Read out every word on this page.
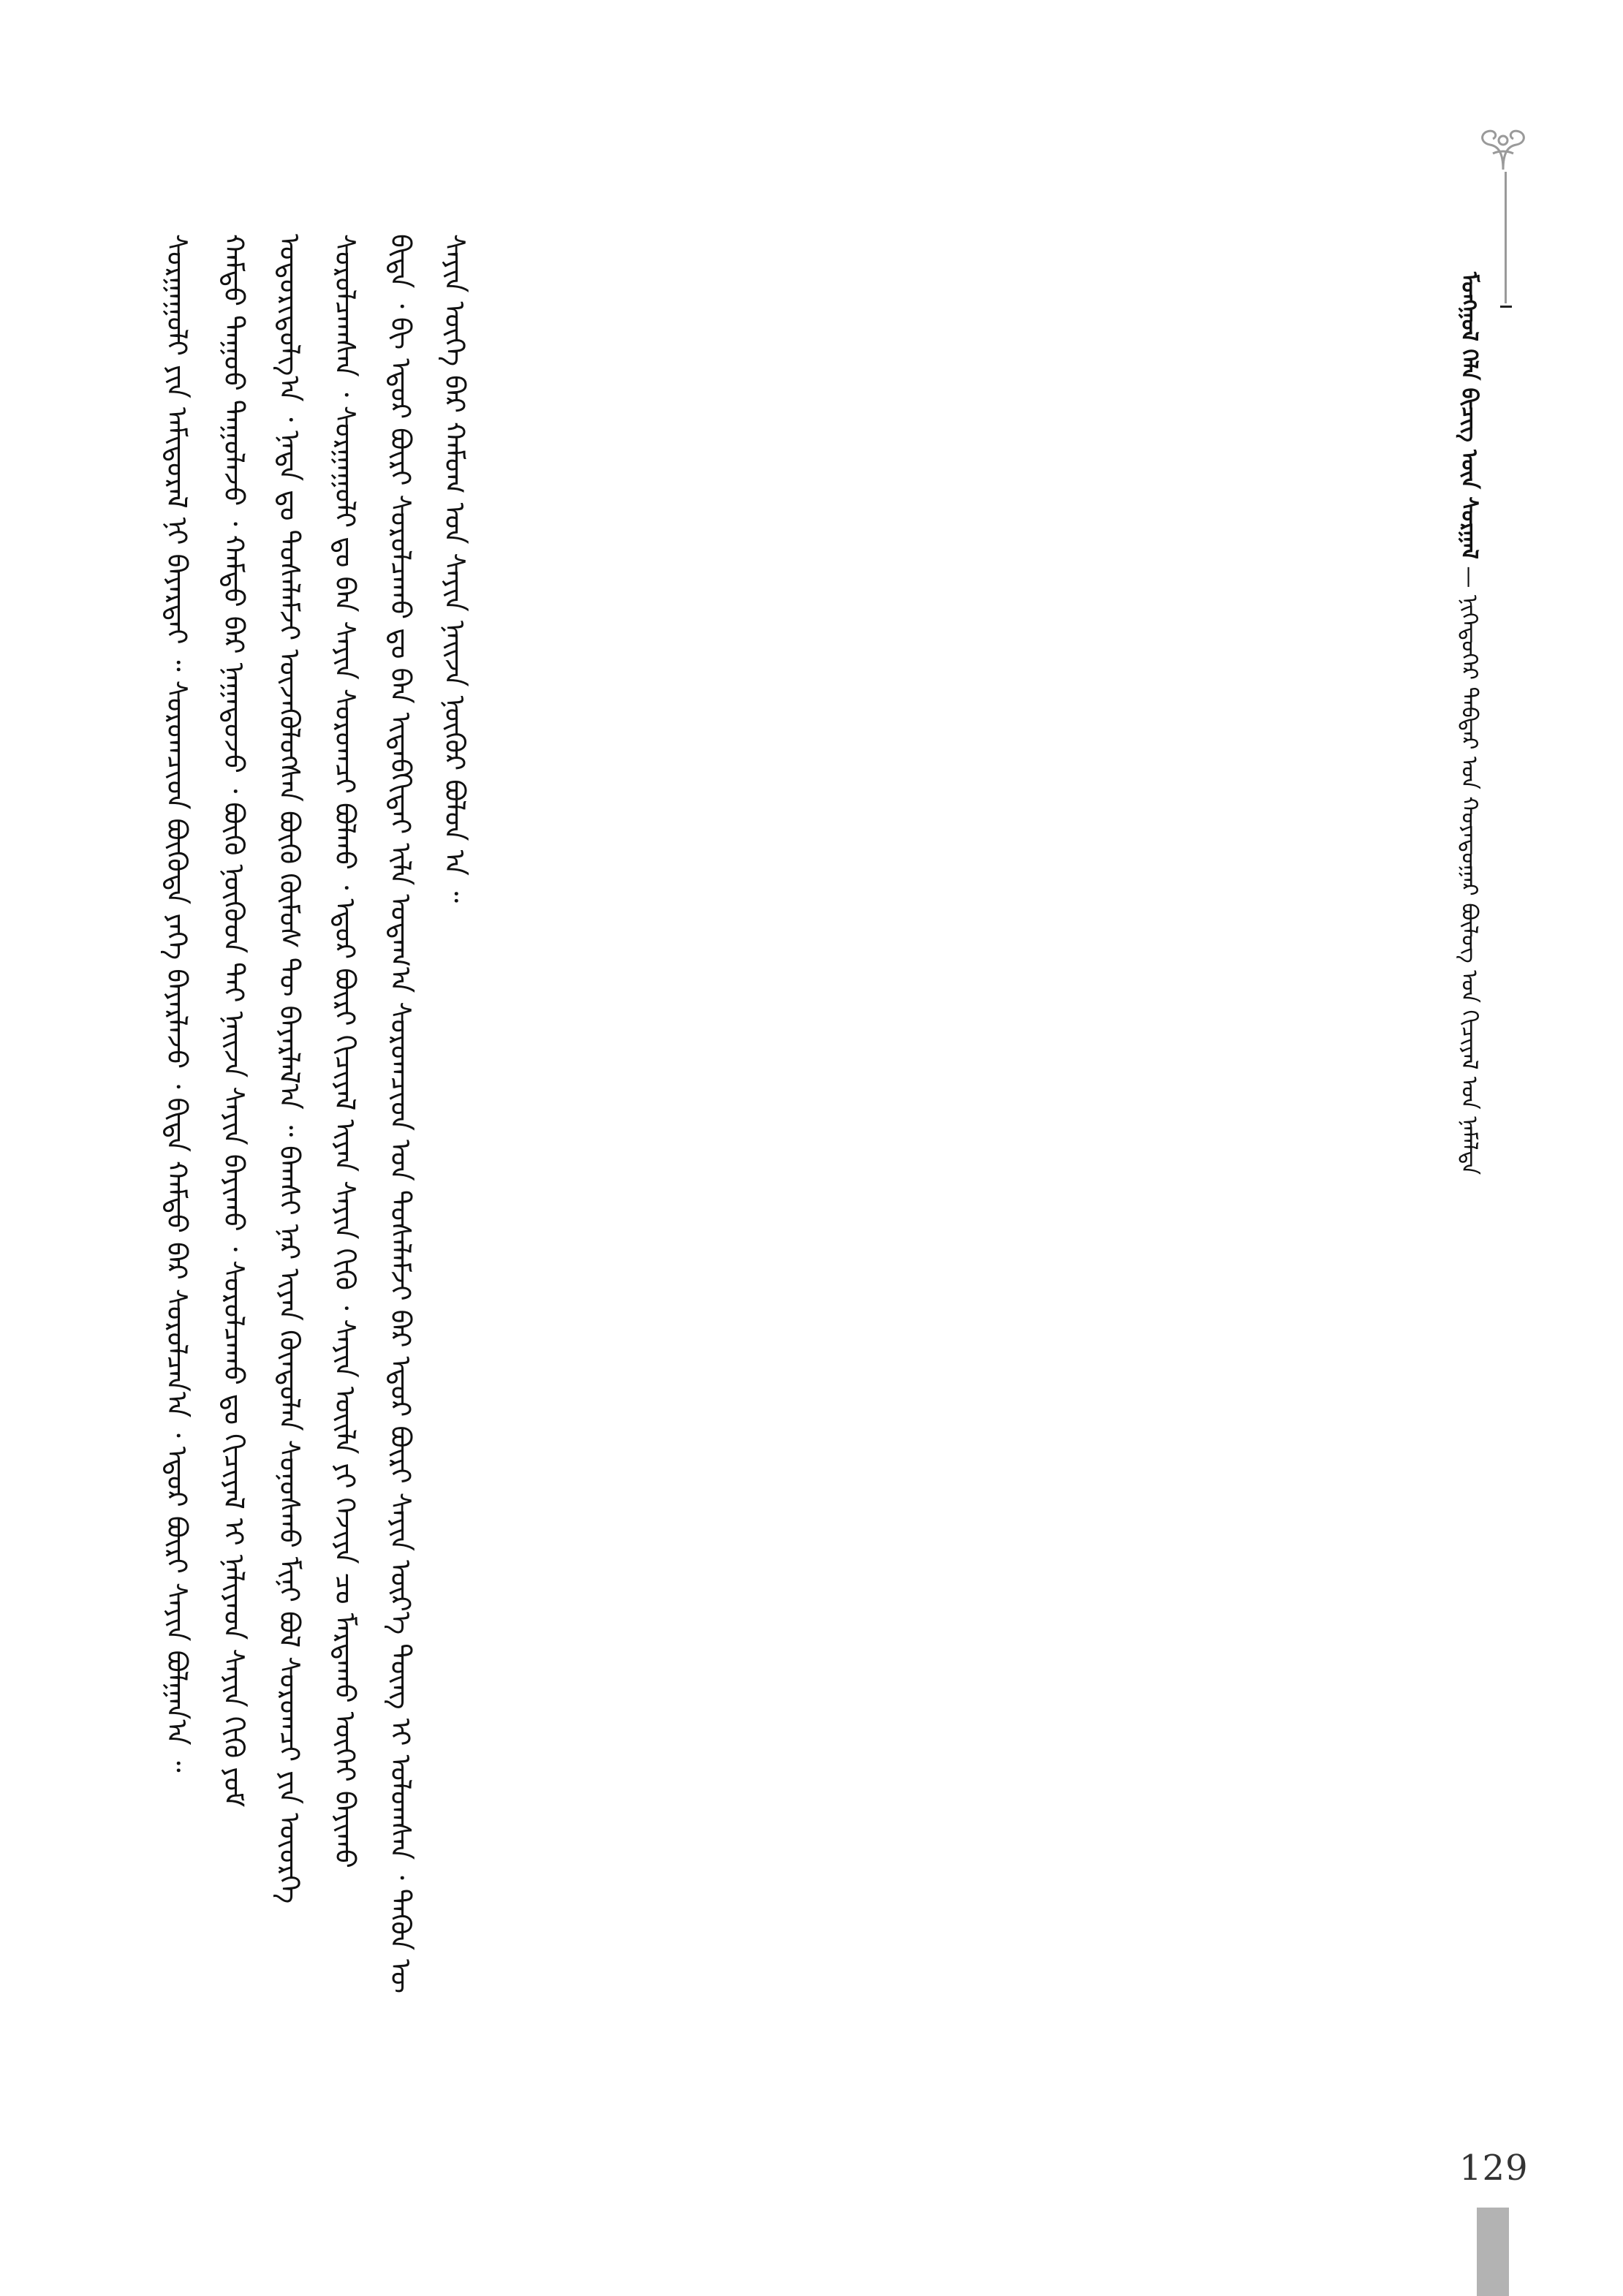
ᠮᠣᠩᠭᠣᠯ ᠬᠡᠯᠡ ᠪᠢᠴᠢᠭ ᠦᠨ ᠰᠤᠷᠭᠠᠯ — ᠨᠢᠭᠡᠳᠦᠭᠡᠷ ᠳᠡᠪᠲᠡᠷ ᠤᠨ ᠬᠣᠶᠠᠳᠤᠭᠠᠷ ᠪᠦᠯᠦᠭ ᠤᠨ ᠬᠢᠴᠢᠶᠡᠯ ᠤᠨ ᠨᠡᠮᠡᠯᠲᠡ
ᠰᠠᠶᠢᠨ ᠦᠭᠡ ᠪᠠᠷ ᠬᠠᠮᠤᠭ ᠤᠨ ᠰᠠᠶᠢᠨ ᠨᠠᠢᠵᠠ ᠨᠥᠬᠦᠷ ᠪᠣᠯᠤᠨ ᠠ ᠃
ᠪᠢᠳᠡ ᠂ ᠪᠢ ᠡᠳᠦᠷ ᠪᠦᠷᠢ ᠰᠤᠷᠤᠯᠴᠠᠬᠤ ᠳᠤ ᠪᠡᠨ ᠢᠳᠡᠪᠬᠢᠲᠡᠶ ᠢᠯᠡ ᠤᠳᠠᠭ᠎ᠠ ᠰᠤᠷᠤᠭᠴᠢᠳ ᠤᠨ ᠲᠤᠰᠠᠯᠠᠮᠵᠢ ᠪᠡᠷ ᠡᠳᠦᠷ ᠪᠦᠷᠢ ᠰᠠᠶᠢᠨ ᠦᠷ᠎ᠡ ᠳᠦᠩ ᠢ ᠣᠯᠤᠭᠰᠠᠨ ᠂ ᠲᠡᠭᠦᠨ ᠦ
ᠰᠤᠷᠤᠯᠴᠠᠭᠰᠠᠨ ᠂ ᠰᠤᠷᠭᠠᠭᠤᠯᠢ ᠳᠤ ᠪᠡᠨ ᠰᠠᠶᠢᠨ ᠰᠤᠷᠤᠭᠴᠢ ᠪᠣᠯᠬᠤ ᠂ ᠡᠳᠦᠷ ᠪᠦᠷᠢ ᠬᠢᠴᠢᠶᠡᠯ ᠢᠶᠡᠨ ᠰᠠᠶᠢᠨ ᠬᠢᠬᠦ ᠂ ᠰᠠᠶᠢᠨ ᠦᠢᠯᠡ ᠶᠢ ᠬᠡᠵᠢᠶᠡ ᠴᠤ ᠮᠠᠷᠲᠠᠬᠤ ᠦᠭᠡᠢ ᠪᠠᠶᠢᠬᠤ
ᠤᠳᠤᠷᠢᠳᠤᠯᠭ᠎ᠠ ᠂ ᠨᠠᠳᠠ ᠳᠤ ᠲᠤᠰᠠᠯᠠᠮᠵᠢ ᠦᠵᠡᠭᠦᠯᠦᠭᠰᠡᠨ ᠪᠦᠬᠦ ᠬᠦᠮᠦᠰ ᠲᠦ ᠪᠠᠶᠠᠷᠯᠠᠯ᠎ᠠ ᠃ ᠪᠠᠭᠰᠢ ᠨᠠᠷ ᠢᠶᠠᠨ ᠬᠦᠨᠳᠦᠯᠡᠨ ᠰᠣᠨᠣᠰᠬᠤ ᠮᠢᠨᠢ ᠪᠣᠯ ᠰᠤᠷᠤᠭᠴᠢ ᠶᠢᠨ ᠦᠦᠷᠭᠡ
ᠬᠠᠮᠲᠤ ᠳᠠᠭᠤᠤ ᠳᠠᠭᠤᠯᠠᠵᠤ ᠂ ᠬᠠᠮᠲᠤ ᠪᠡᠷ ᠨᠠᠭᠠᠳᠤᠵᠤ ᠂ ᠪᠦᠬᠦ ᠨᠥᠬᠦᠳ ᠲᠡᠢ ᠨᠠᠢᠵᠠ ᠰᠠᠶᠢᠨ ᠪᠠᠶᠢᠬᠤ ᠂ ᠰᠤᠷᠤᠯᠴᠠᠬᠤ ᠳᠤ ᠬᠢᠴᠢᠶᠡᠯ ᠢ ᠨᠡᠯᠢᠶᠡᠳ ᠰᠠᠶᠢᠨ ᠬᠢᠬᠦ ᠶᠤᠮ
ᠰᠤᠷᠭᠠᠭᠤᠯᠢ ᠶᠢᠨ ᠠᠮᠢᠳᠤᠷᠠᠯ ᠨᠢ ᠪᠠᠶᠠᠷᠲᠠᠢ ᠃ ᠰᠤᠷᠤᠭᠴᠢᠳ ᠪᠦᠭᠦᠳᠡ ᠶᠡᠬᠡ ᠪᠠᠶᠠᠷᠯᠠᠵᠤ ᠂ ᠪᠢᠳᠡ ᠬᠠᠮᠲᠤ ᠪᠡᠷ ᠰᠤᠷᠤᠯᠴᠠᠨ᠎ᠠ ᠂ ᠡᠳᠦᠷ ᠪᠦᠷᠢ ᠰᠠᠶᠢᠨ ᠪᠣᠯᠭᠠᠨ᠎ᠠ ᠃
129
